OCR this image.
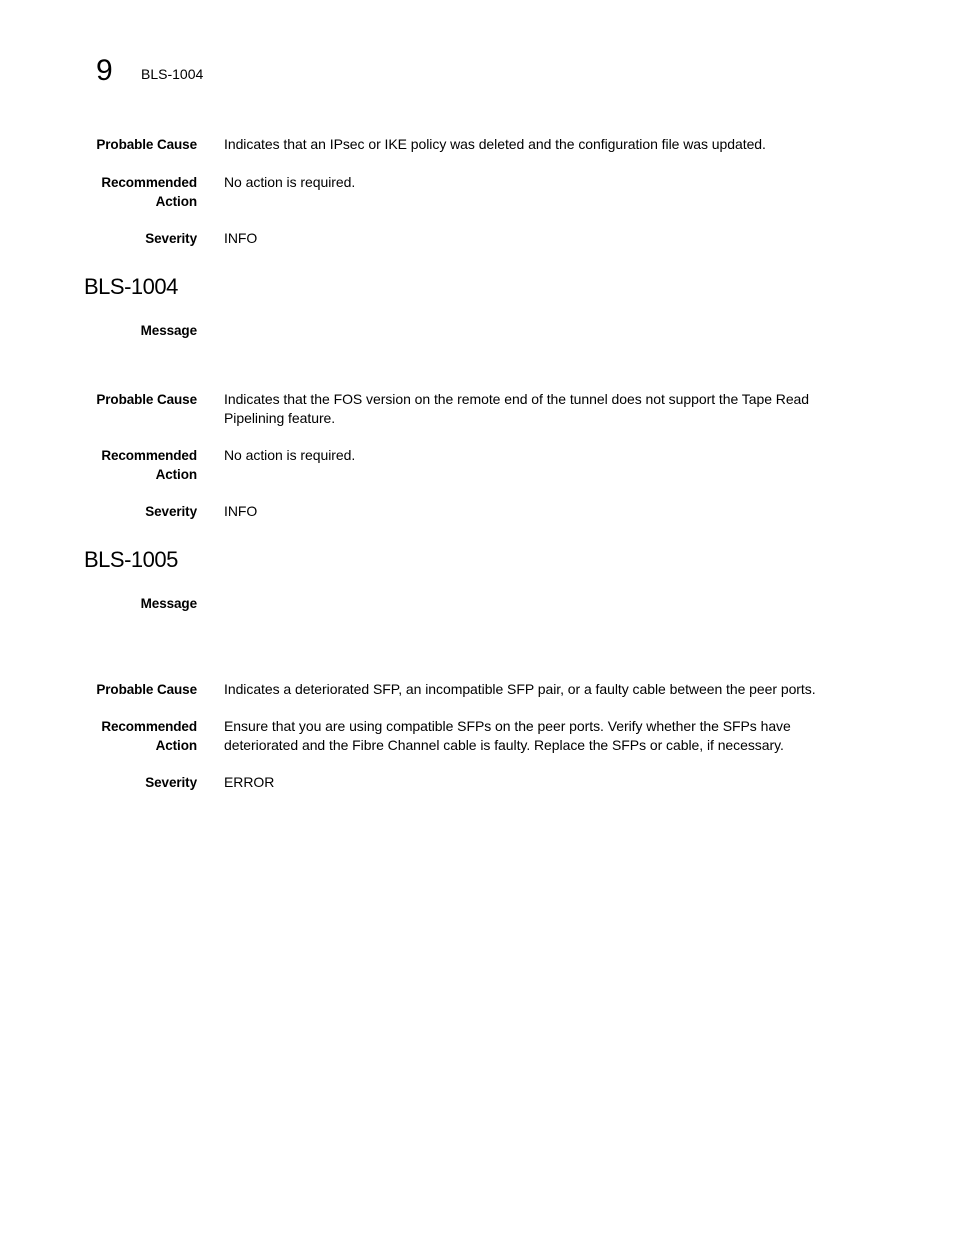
9 BLS-1004
Probable Cause Indicates that an IPsec or IKE policy was deleted and the configuration file was updated.
Recommended
Action
No action is required.
Severity INFO
BLS-1004
Message
Probable Cause Indicates that the FOS version on the remote end of the tunnel does not support the Tape Read
Pipelining feature.
Recommended
Action
No action is required.
Severity INFO
BLS-1005
Message
Probable Cause Indicates a deteriorated SFP, an incompatible SFP pair, or a faulty cable between the peer ports.
Recommended
Action
Ensure that you are using compatible SFPs on the peer ports. Verify whether the SFPs have
deteriorated and the Fibre Channel cable is faulty. Replace the SFPs or cable, if necessary.
Severity ERROR
